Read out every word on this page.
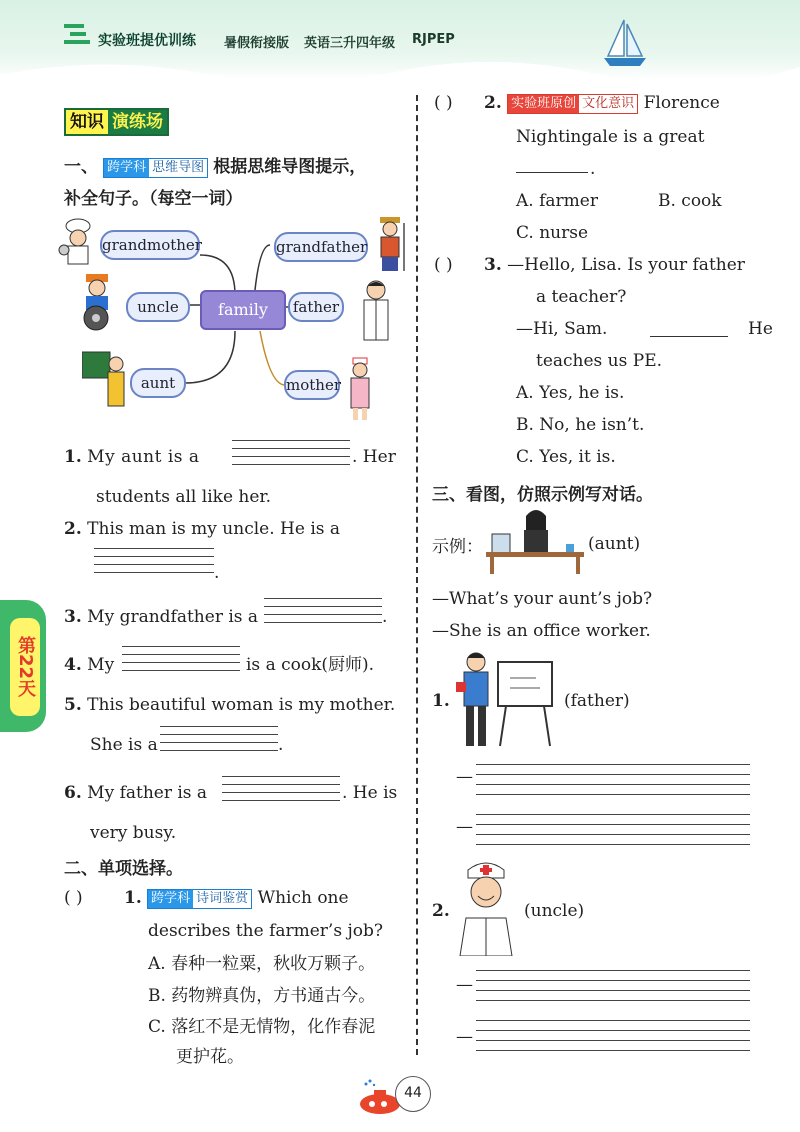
实验班提优训练 暑假衔接版 英语三升四年级 RJPEP
知识 演练场
一、 跨学科 思维导图 根据思维导图提示，
补全句子。（每空一词）
grandmother	grandfather
uncle	family	father
aunt	mother
1. My aunt is a	. Her
students all like her.
2. This man is my uncle. He is a
.
3. My grandfather is a	.
4. My	is a cook(厨师).
5. This beautiful woman is my mother.
She is a	.
6. My father is a	. He is
very busy.
二、单项选择。
( ) 1. 跨学科 诗词鉴赏 Which one
describes the farmer’s job?
A. 春种一粒粟，秋收万颗子。
B. 药物辨真伪，方书通古今。
C. 落红不是无情物，化作春泥
更护花。
( ) 2. 实验班原创 文化意识 Florence
Nightingale is a great
.
A. farmer	B. cook
C. nurse
( ) 3. —Hello, Lisa. Is your father
a teacher?
—Hi, Sam.	He
teaches us PE.
A. Yes, he is.
B. No, he isn’t.
C. Yes, it is.
三、看图，仿照示例写对话。
示例：	(aunt)
—What’s your aunt’s job?
—She is an office worker.
1.	(father)
—
—
2.	(uncle)
—
—
第22天
44
